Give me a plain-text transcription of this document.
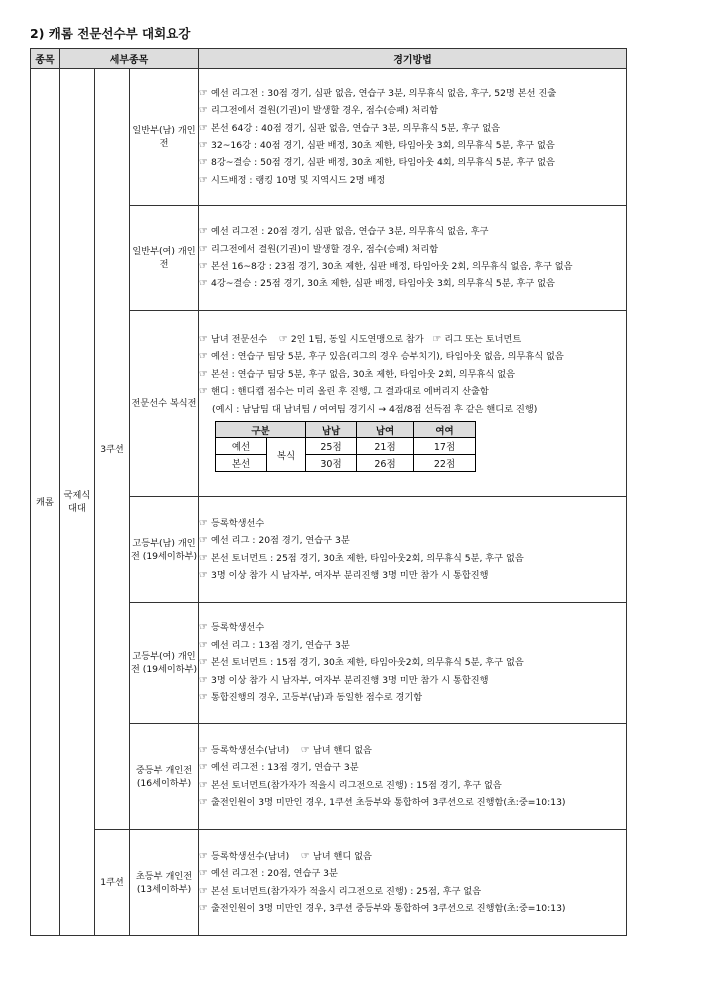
2) 캐롬 전문선수부 대회요강
종목	세부종목	경기방법
캐롬	국제식 대대	3쿠션	일반부(남) 개인전	
☞ 예선 리그전 : 30점 경기, 심판 없음, 연습구 3분, 의무휴식 없음, 후구, 52명 본선 진출
☞ 리그전에서 결원(기권)이 발생할 경우, 점수(승패) 처리함
☞ 본선 64강 : 40점 경기, 심판 없음, 연습구 3분, 의무휴식 5분, 후구 없음
☞ 32~16강 : 40점 경기, 심판 배정, 30초 제한, 타임아웃 3회, 의무휴식 5분, 후구 없음
☞ 8강~결승 : 50점 경기, 심판 배정, 30초 제한, 타임아웃 4회, 의무휴식 5분, 후구 없음
☞ 시드배정 : 랭킹 10명 및 지역시드 2명 배정

일반부(여) 개인전	
☞ 예선 리그전 : 20점 경기, 심판 없음, 연습구 3분, 의무휴식 없음, 후구
☞ 리그전에서 결원(기권)이 발생할 경우, 점수(승패) 처리함
☞ 본선 16~8강 : 23점 경기, 30초 제한, 심판 배정, 타임아웃 2회, 의무휴식 없음, 후구 없음
☞ 4강~결승 : 25점 경기, 30초 제한, 심판 배정, 타임아웃 3회, 의무휴식 5분, 후구 없음

전문선수 복식전	
☞ 남녀 전문선수 ☞ 2인 1팀, 동일 시도연맹으로 참가 ☞ 리그 또는 토너먼트
☞ 예선 : 연습구 팀당 5분, 후구 있음(리그의 경우 승부치기), 타임아웃 없음, 의무휴식 없음
☞ 본선 : 연습구 팀당 5분, 후구 없음, 30초 제한, 타임아웃 2회, 의무휴식 없음
☞ 핸디 : 핸디캡 점수는 미리 올린 후 진행, 그 결과대로 에버리지 산출함
(예시 : 남남팀 대 남녀팀 / 여여팀 경기시 → 4점/8점 선득점 후 같은 핸디로 진행)
구분	남남	남여	여여
예선	복식	25점	21점	17점
본선	30점	26점	22점

고등부(남) 개인전 (19세이하부)	
☞ 등록학생선수
☞ 예선 리그 : 20점 경기, 연습구 3분
☞ 본선 토너먼트 : 25점 경기, 30초 제한, 타임아웃2회, 의무휴식 5분, 후구 없음
☞ 3명 이상 참가 시 남자부, 여자부 분리진행 3명 미만 참가 시 통합진행

고등부(여) 개인전 (19세이하부)	
☞ 등록학생선수
☞ 예선 리그 : 13점 경기, 연습구 3분
☞ 본선 토너먼트 : 15점 경기, 30초 제한, 타임아웃2회, 의무휴식 5분, 후구 없음
☞ 3명 이상 참가 시 남자부, 여자부 분리진행 3명 미만 참가 시 통합진행
☞ 통합진행의 경우, 고등부(남)과 동일한 점수로 경기함

중등부 개인전 (16세이하부)	
☞ 등록학생선수(남녀) ☞ 남녀 핸디 없음
☞ 예선 리그전 : 13점 경기, 연습구 3분
☞ 본선 토너먼트(참가자가 적을시 리그전으로 진행) : 15점 경기, 후구 없음
☞ 출전인원이 3명 미만인 경우, 1쿠션 초등부와 통합하여 3쿠션으로 진행함(초:중=10:13)

1쿠션	초등부 개인전 (13세이하부)	
☞ 등록학생선수(남녀) ☞ 남녀 핸디 없음
☞ 예선 리그전 : 20점, 연습구 3분
☞ 본선 토너먼트(참가자가 적을시 리그전으로 진행) : 25점, 후구 없음
☞ 출전인원이 3명 미만인 경우, 3쿠션 중등부와 통합하여 3쿠션으로 진행함(초:중=10:13)
